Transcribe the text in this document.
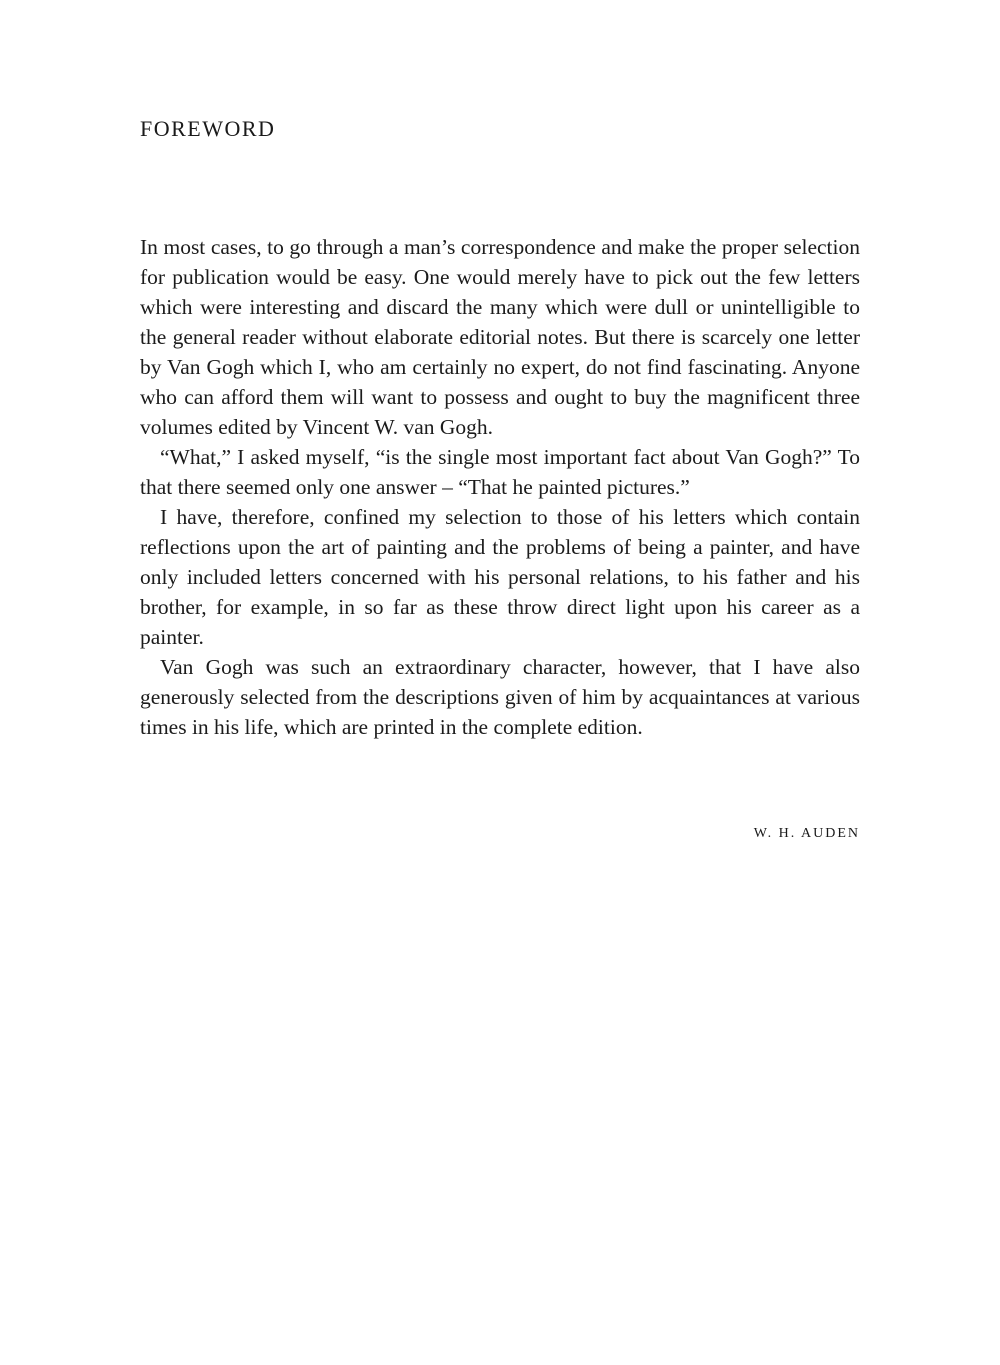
FOREWORD

In most cases, to go through a man’s correspondence and make the proper selection for publication would be easy. One would merely have to pick out the few letters which were interesting and discard the many which were dull or unintelligible to the general reader without elaborate editorial notes. But there is scarcely one letter by Van Gogh which I, who am certainly no expert, do not find fascinating. Anyone who can afford them will want to possess and ought to buy the magnificent three volumes edited by Vincent W. van Gogh.

“What,” I asked myself, “is the single most important fact about Van Gogh?” To that there seemed only one answer – “That he painted pictures.”

I have, therefore, confined my selection to those of his letters which contain reflections upon the art of painting and the problems of being a painter, and have only included letters concerned with his personal relations, to his father and his brother, for example, in so far as these throw direct light upon his career as a painter.

Van Gogh was such an extraordinary character, however, that I have also generously selected from the descriptions given of him by acquaintances at various times in his life, which are printed in the complete edition.

W. H. AUDEN
